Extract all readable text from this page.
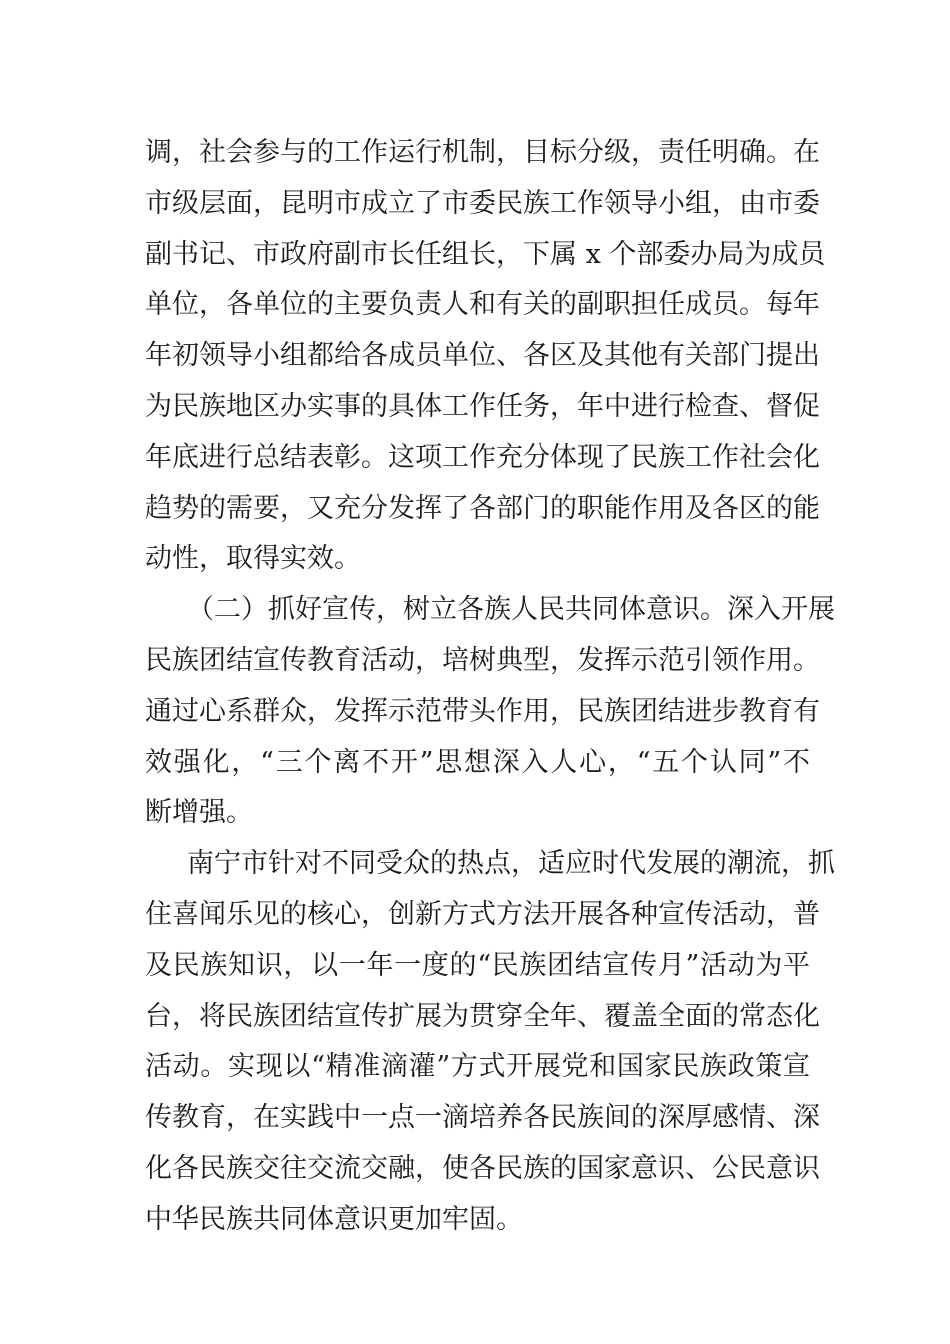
调，社会参与的工作运行机制，目标分级，责任明确。在
市级层面，昆明市成立了市委民族工作领导小组，由市委
副书记、市政府副市长任组长，下属 x 个部委办局为成员
单位，各单位的主要负责人和有关的副职担任成员。每年
年初领导小组都给各成员单位、各区及其他有关部门提出
为民族地区办实事的具体工作任务，年中进行检查、督促
年底进行总结表彰。这项工作充分体现了民族工作社会化
趋势的需要，又充分发挥了各部门的职能作用及各区的能
动性，取得实效。
（二）抓好宣传，树立各族人民共同体意识。深入开展
民族团结宣传教育活动，培树典型，发挥示范引领作用。
通过心系群众，发挥示范带头作用，民族团结进步教育有
效强化，“三个离不开”思想深入人心，“五个认同”不
断增强。
南宁市针对不同受众的热点，适应时代发展的潮流，抓
住喜闻乐见的核心，创新方式方法开展各种宣传活动，普
及民族知识，以一年一度的“民族团结宣传月”活动为平
台，将民族团结宣传扩展为贯穿全年、覆盖全面的常态化
活动。实现以“精准滴灌”方式开展党和国家民族政策宣
传教育，在实践中一点一滴培养各民族间的深厚感情、深
化各民族交往交流交融，使各民族的国家意识、公民意识
中华民族共同体意识更加牢固。
